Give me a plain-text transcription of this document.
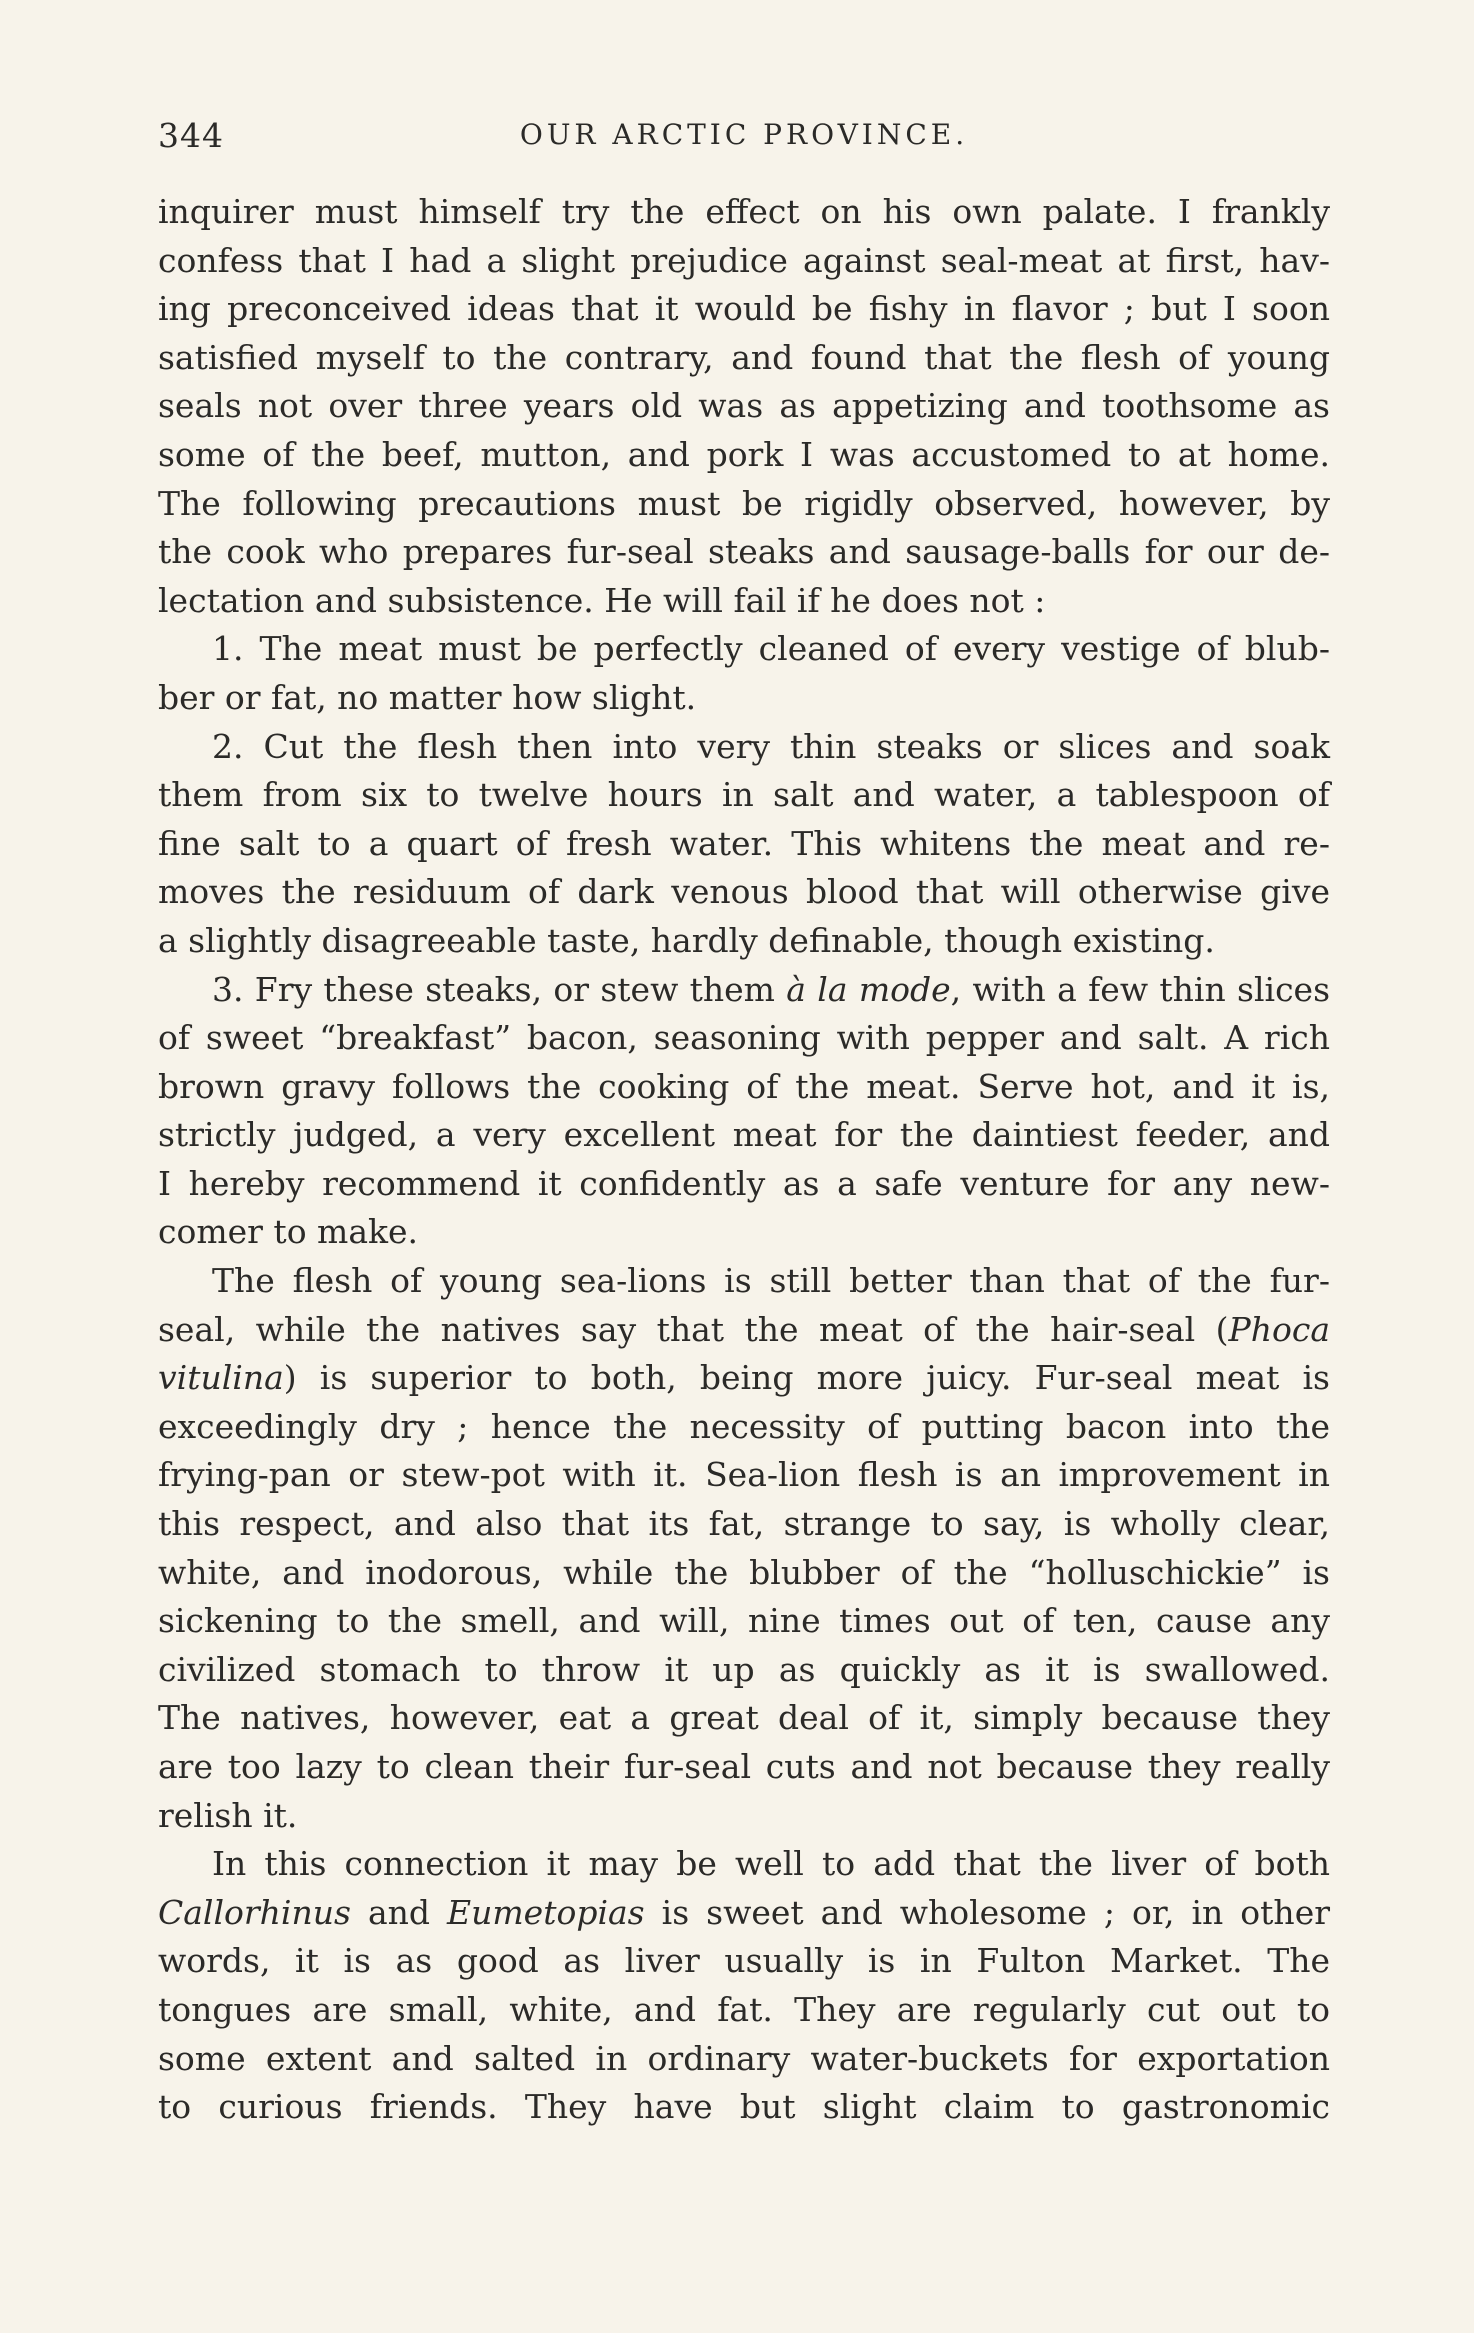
344	OUR ARCTIC PROVINCE.
inquirer must himself try the effect on his own palate. I frankly
confess that I had a slight prejudice against seal-meat at first, hav-
ing preconceived ideas that it would be fishy in flavor ; but I soon
satisfied myself to the contrary, and found that the flesh of young
seals not over three years old was as appetizing and toothsome as
some of the beef, mutton, and pork I was accustomed to at home.
The following precautions must be rigidly observed, however, by
the cook who prepares fur-seal steaks and sausage-balls for our de-
lectation and subsistence. He will fail if he does not :
1. The meat must be perfectly cleaned of every vestige of blub-
ber or fat, no matter how slight.
2. Cut the flesh then into very thin steaks or slices and soak
them from six to twelve hours in salt and water, a tablespoon of
fine salt to a quart of fresh water. This whitens the meat and re-
moves the residuum of dark venous blood that will otherwise give
a slightly disagreeable taste, hardly definable, though existing.
3. Fry these steaks, or stew them à la mode, with a few thin slices
of sweet “breakfast” bacon, seasoning with pepper and salt. A rich
brown gravy follows the cooking of the meat. Serve hot, and it is,
strictly judged, a very excellent meat for the daintiest feeder, and
I hereby recommend it confidently as a safe venture for any new-
comer to make.
The flesh of young sea-lions is still better than that of the fur-
seal, while the natives say that the meat of the hair-seal (Phoca
vitulina) is superior to both, being more juicy. Fur-seal meat is
exceedingly dry ; hence the necessity of putting bacon into the
frying-pan or stew-pot with it. Sea-lion flesh is an improvement in
this respect, and also that its fat, strange to say, is wholly clear,
white, and inodorous, while the blubber of the “holluschickie” is
sickening to the smell, and will, nine times out of ten, cause any
civilized stomach to throw it up as quickly as it is swallowed.
The natives, however, eat a great deal of it, simply because they
are too lazy to clean their fur-seal cuts and not because they really
relish it.
In this connection it may be well to add that the liver of both
Callorhinus and Eumetopias is sweet and wholesome ; or, in other
words, it is as good as liver usually is in Fulton Market. The
tongues are small, white, and fat. They are regularly cut out to
some extent and salted in ordinary water-buckets for exportation
to curious friends. They have but slight claim to gastronomic
